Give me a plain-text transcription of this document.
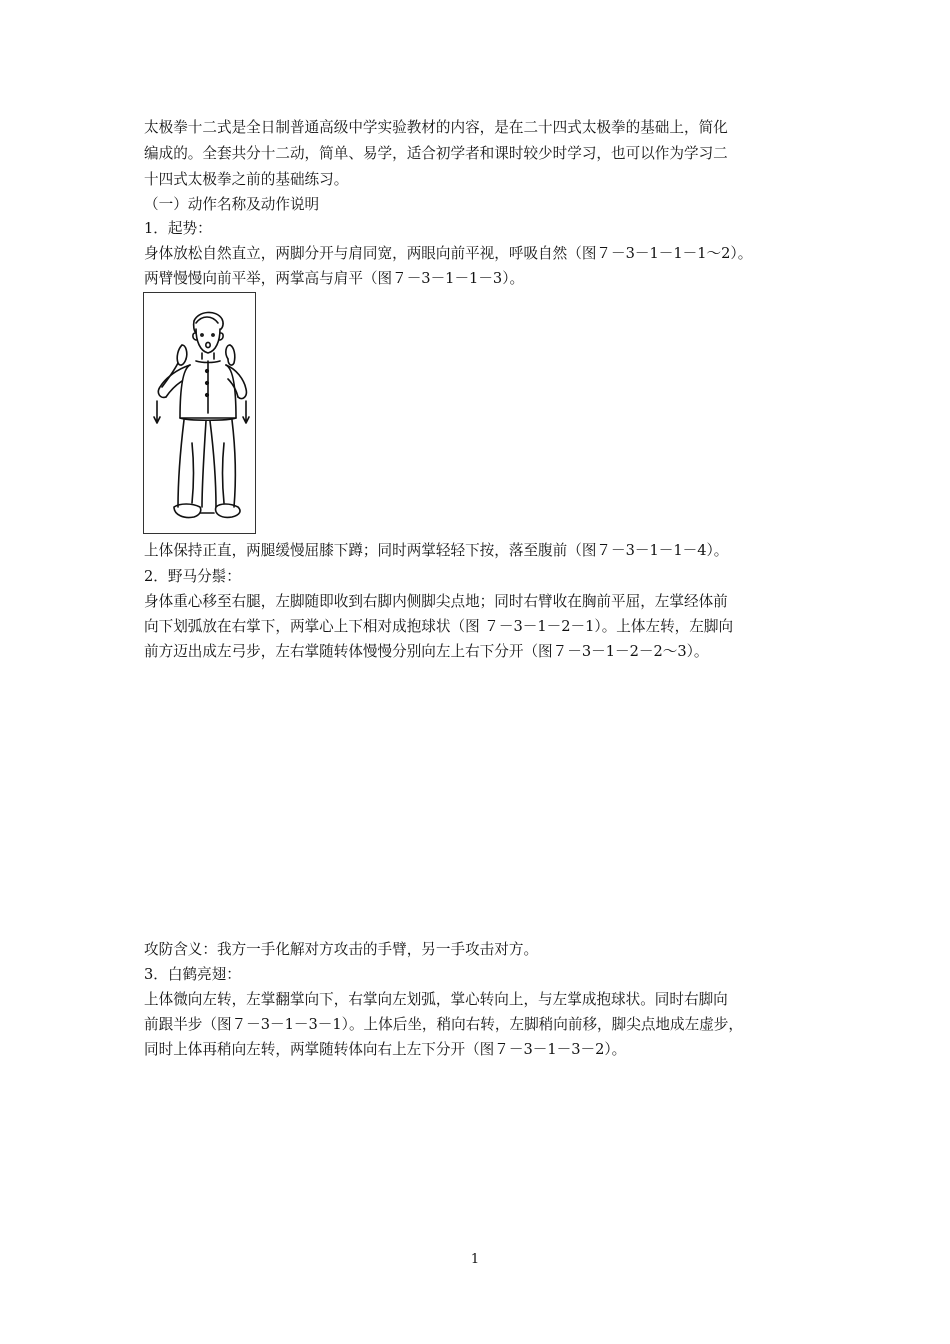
太极拳十二式是全日制普通高级中学实验教材的内容，是在二十四式太极拳的基础上，简化
编成的。全套共分十二动，简单、易学，适合初学者和课时较少时学习，也可以作为学习二
十四式太极拳之前的基础练习。
（一）动作名称及动作说明
1．起势：
身体放松自然直立，两脚分开与肩同宽，两眼向前平视，呼吸自然（图７－3－1－1－1～2）。
两臂慢慢向前平举，两掌高与肩平（图７－3－1－1－3）。
上体保持正直，两腿缓慢屈膝下蹲；同时两掌轻轻下按，落至腹前（图７－3－1－1－4）。
2．野马分鬃：
身体重心移至右腿，左脚随即收到右脚内侧脚尖点地；同时右臂收在胸前平屈，左掌经体前
向下划弧放在右掌下，两掌心上下相对成抱球状（图 ７－3－1－2－1）。上体左转，左脚向
前方迈出成左弓步，左右掌随转体慢慢分别向左上右下分开（图７－3－1－2－2～3）。
攻防含义：我方一手化解对方攻击的手臂，另一手攻击对方。
3．白鹤亮翅：
上体微向左转，左掌翻掌向下，右掌向左划弧，掌心转向上，与左掌成抱球状。同时右脚向
前跟半步（图７－3－1－3－1）。上体后坐，稍向右转，左脚稍向前移，脚尖点地成左虚步，
同时上体再稍向左转，两掌随转体向右上左下分开（图７－3－1－3－2）。
1
